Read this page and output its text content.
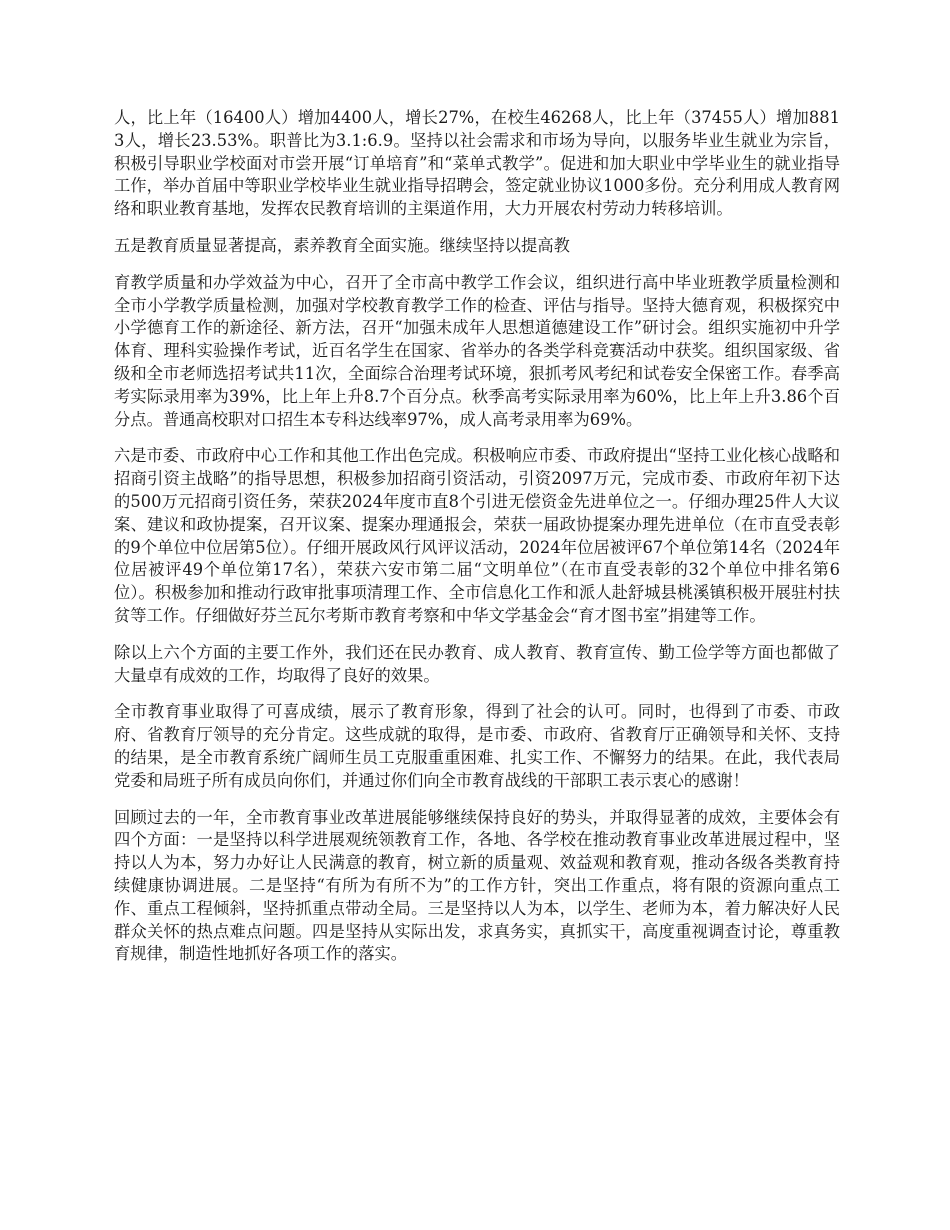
人，比上年（16400人）增加4400人，增长27%，在校生46268人，比上年（37455人）增加8813人，增长23.53%。职普比为3.1:6.9。坚持以社会需求和市场为导向，以服务毕业生就业为宗旨，积极引导职业学校面对市尝开展“订单培育”和“菜单式教学”。促进和加大职业中学毕业生的就业指导工作，举办首届中等职业学校毕业生就业指导招聘会，签定就业协议1000多份。充分利用成人教育网络和职业教育基地，发挥农民教育培训的主渠道作用，大力开展农村劳动力转移培训。

五是教育质量显著提高，素养教育全面实施。继续坚持以提高教

育教学质量和办学效益为中心，召开了全市高中教学工作会议，组织进行高中毕业班教学质量检测和全市小学教学质量检测，加强对学校教育教学工作的检查、评估与指导。坚持大德育观，积极探究中小学德育工作的新途径、新方法，召开“加强未成年人思想道德建设工作”研讨会。组织实施初中升学体育、理科实验操作考试，近百名学生在国家、省举办的各类学科竞赛活动中获奖。组织国家级、省级和全市老师选招考试共11次，全面综合治理考试环境，狠抓考风考纪和试卷安全保密工作。春季高考实际录用率为39%，比上年上升8.7个百分点。秋季高考实际录用率为60%，比上年上升3.86个百分点。普通高校职对口招生本专科达线率97%，成人高考录用率为69%。

六是市委、市政府中心工作和其他工作出色完成。积极响应市委、市政府提出“坚持工业化核心战略和招商引资主战略”的指导思想，积极参加招商引资活动，引资2097万元，完成市委、市政府年初下达的500万元招商引资任务，荣获2024年度市直8个引进无偿资金先进单位之一。仔细办理25件人大议案、建议和政协提案，召开议案、提案办理通报会，荣获一届政协提案办理先进单位（在市直受表彰的9个单位中位居第5位）。仔细开展政风行风评议活动，2024年位居被评67个单位第14名（2024年位居被评49个单位第17名），荣获六安市第二届“文明单位”（在市直受表彰的32个单位中排名第6位）。积极参加和推动行政审批事项清理工作、全市信息化工作和派人赴舒城县桃溪镇积极开展驻村扶贫等工作。仔细做好芬兰瓦尔考斯市教育考察和中华文学基金会“育才图书室”捐建等工作。

除以上六个方面的主要工作外，我们还在民办教育、成人教育、教育宣传、勤工俭学等方面也都做了大量卓有成效的工作，均取得了良好的效果。

全市教育事业取得了可喜成绩，展示了教育形象，得到了社会的认可。同时，也得到了市委、市政府、省教育厅领导的充分肯定。这些成就的取得，是市委、市政府、省教育厅正确领导和关怀、支持的结果，是全市教育系统广阔师生员工克服重重困难、扎实工作、不懈努力的结果。在此，我代表局党委和局班子所有成员向你们，并通过你们向全市教育战线的干部职工表示衷心的感谢！

回顾过去的一年，全市教育事业改革进展能够继续保持良好的势头，并取得显著的成效，主要体会有四个方面：一是坚持以科学进展观统领教育工作，各地、各学校在推动教育事业改革进展过程中，坚持以人为本，努力办好让人民满意的教育，树立新的质量观、效益观和教育观，推动各级各类教育持续健康协调进展。二是坚持“有所为有所不为”的工作方针，突出工作重点，将有限的资源向重点工作、重点工程倾斜，坚持抓重点带动全局。三是坚持以人为本，以学生、老师为本，着力解决好人民群众关怀的热点难点问题。四是坚持从实际出发，求真务实，真抓实干，高度重视调查讨论，尊重教育规律，制造性地抓好各项工作的落实。
